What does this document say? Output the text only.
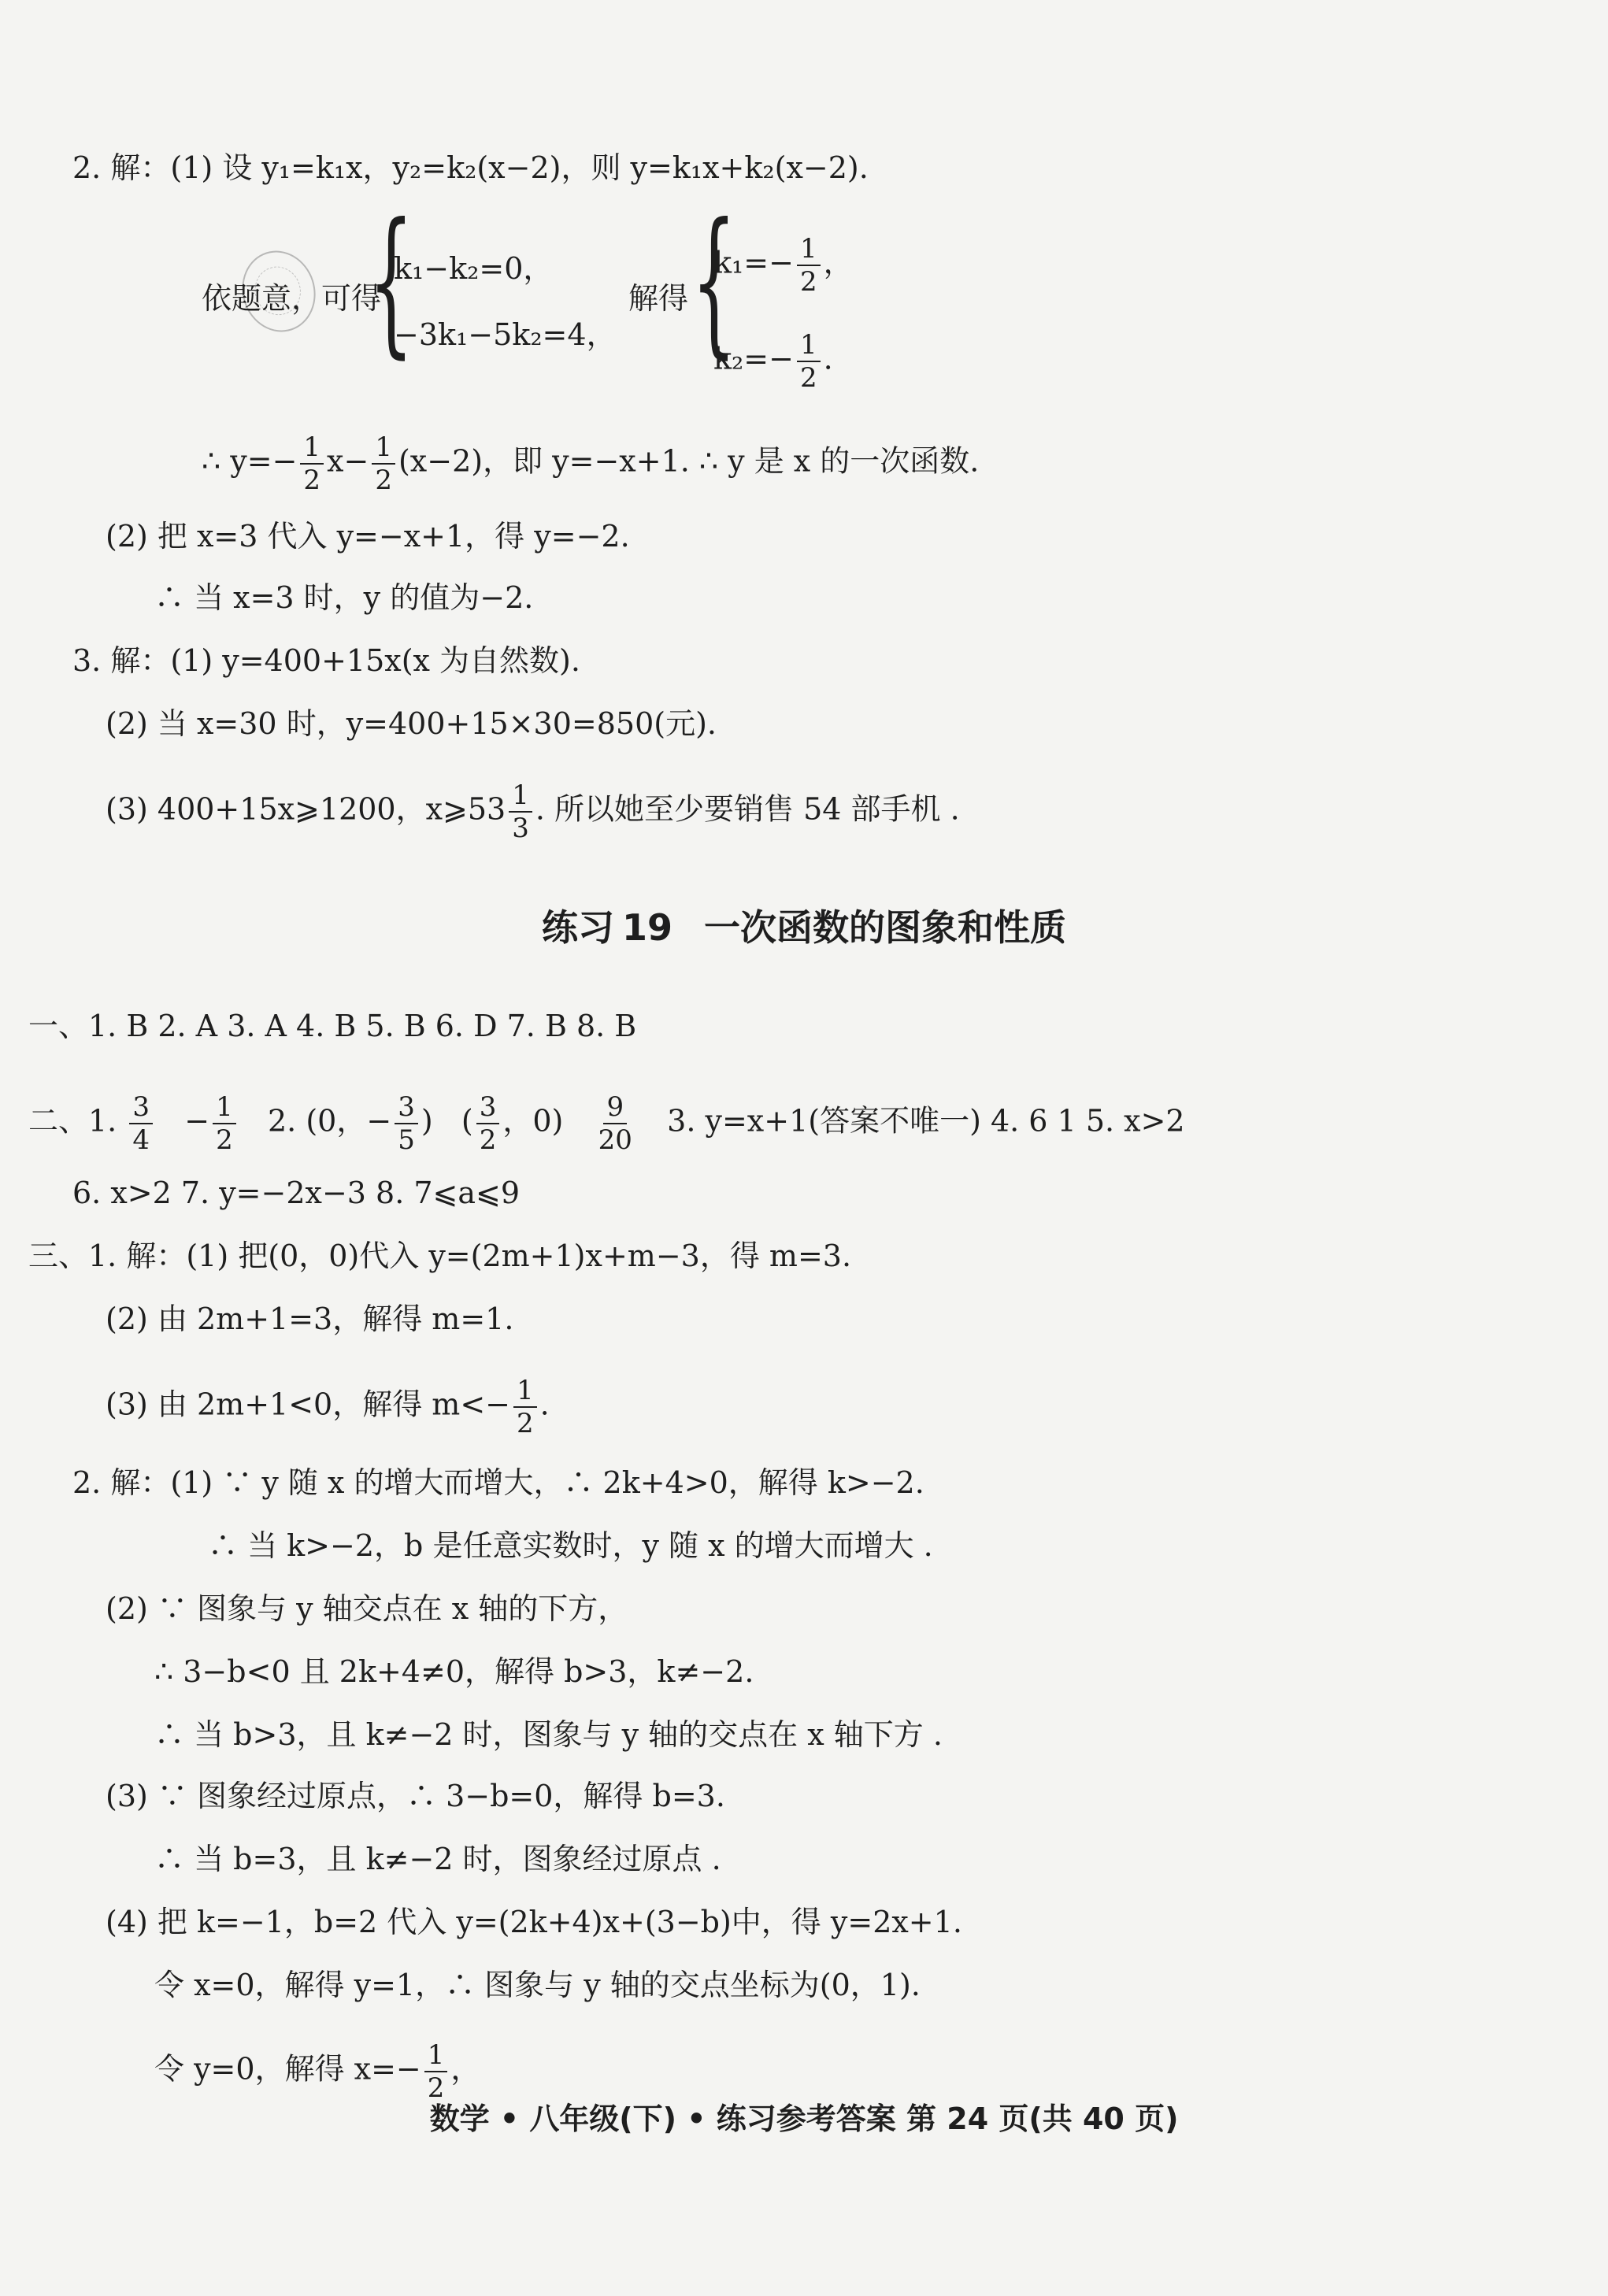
2. 解：(1) 设 y₁=k₁x，y₂=k₂(x−2)，则 y=k₁x+k₂(x−2).
依题意，可得
{
k₁−k₂=0，
−3k₁−5k₂=4，
解得 {
$k_1=- \frac{1}{2}$ ，
$k_2=- \frac{1}{2}$ .
∴ $y=- \frac{1}{2} x- \frac{1}{2} (x-2)$，即 y=−x+1. ∴ y 是 x 的一次函数.
(2) 把 x=3 代入 y=−x+1，得 y=−2.
∴ 当 x=3 时，y 的值为−2.
3. 解：(1) y=400+15x(x 为自然数).
(2) 当 x=30 时，y=400+15×30=850(元).
(3) 400+15x⩾1200，x⩾53 $\frac{1}{3}$ . 所以她至少要销售 54 部手机 .
练习 19 一次函数的图象和性质
一、1. B 2. A 3. A 4. B 5. B 6. D 7. B 8. B
二、1. $\frac{3}{4} - \frac{1}{2} 2$. (0，− $\frac{3}{5}$ ) ( $\frac{3}{2}$ ，$0) \frac{9}{20} 3$. y=x+1(答案不唯一) 4. 6 1 5. x>2
6. x>2 7. y=−2x−3 8. 7⩽a⩽9
三、1. 解：(1) 把(0，0)代入 y=(2m+1)x+m−3，得 m=3.
(2) 由 2m+1=3，解得 m=1.
(3) 由 2m+1<0，解得 $m<- \frac{1}{2}$ .
2. 解：(1) ∵ y 随 x 的增大而增大，∴ 2k+4>0，解得 k>−2.
∴ 当 k>−2，b 是任意实数时，y 随 x 的增大而增大 .
(2) ∵ 图象与 y 轴交点在 x 轴的下方，
∴ 3−b<0 且 2k+4≠0，解得 b>3，k≠−2.
∴ 当 b>3，且 k≠−2 时，图象与 y 轴的交点在 x 轴下方 .
(3) ∵ 图象经过原点，∴ 3−b=0，解得 b=3.
∴ 当 b=3，且 k≠−2 时，图象经过原点 .
(4) 把 k=−1，b=2 代入 y=(2k+4)x+(3−b)中，得 y=2x+1.
令 x=0，解得 y=1，∴ 图象与 y 轴的交点坐标为(0，1).
令 y=0，解得 $x=- \frac{1}{2}$ ，
数学 • 八年级(下) • 练习参考答案 第 24 页(共 40 页)
